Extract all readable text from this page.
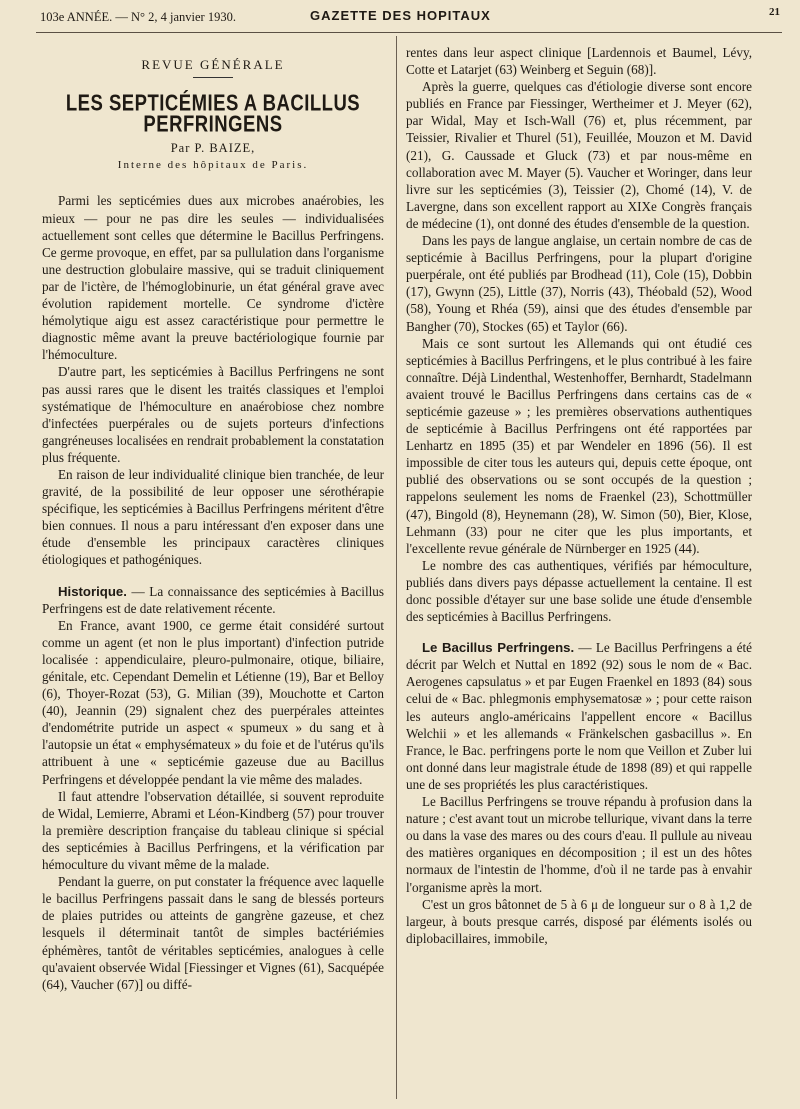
103e ANNÉE. — N° 2, 4 janvier 1930.	GAZETTE DES HOPITAUX	21
REVUE GÉNÉRALE
LES SEPTICÉMIES A BACILLUS PERFRINGENS
Par P. BAIZE,
Interne des hôpitaux de Paris.

Parmi les septicémies dues aux microbes anaérobies, les mieux — pour ne pas dire les seules — individualisées actuellement sont celles que détermine le Bacillus Perfringens. Ce germe provoque, en effet, par sa pullulation dans l'organisme une destruction globulaire massive, qui se traduit cliniquement par de l'ictère, de l'hémoglobinurie, un état général grave avec évolution rapidement mortelle. Ce syndrome d'ictère hémolytique aigu est assez caractéristique pour permettre le diagnostic même avant la preuve bactériologique fournie par l'hémoculture.

D'autre part, les septicémies à Bacillus Perfringens ne sont pas aussi rares que le disent les traités classiques et l'emploi systématique de l'hémoculture en anaérobiose chez nombre d'infectées puerpérales ou de sujets porteurs d'infections gangréneuses localisées en rendrait probablement la constatation plus fréquente.

En raison de leur individualité clinique bien tranchée, de leur gravité, de la possibilité de leur opposer une sérothérapie spécifique, les septicémies à Bacillus Perfringens méritent d'être bien connues. Il nous a paru intéressant d'en exposer dans une étude d'ensemble les principaux caractères cliniques étiologiques et pathogéniques.

Historique. — La connaissance des septicémies à Bacillus Perfringens est de date relativement récente.

En France, avant 1900, ce germe était considéré surtout comme un agent (et non le plus important) d'infection putride localisée : appendiculaire, pleuro-pulmonaire, otique, biliaire, génitale, etc. Cependant Demelin et Létienne (19), Bar et Belloy (6), Thoyer-Rozat (53), G. Milian (39), Mouchotte et Carton (40), Jeannin (29) signalent chez des puerpérales atteintes d'endométrite putride un aspect « spumeux » du sang et à l'autopsie un état « emphysémateux » du foie et de l'utérus qu'ils attribuent à une « septicémie gazeuse due au Bacillus Perfringens et développée pendant la vie même des malades.

Il faut attendre l'observation détaillée, si souvent reproduite de Widal, Lemierre, Abrami et Léon-Kindberg (57) pour trouver la première description française du tableau clinique si spécial des septicémies à Bacillus Perfringens, et la vérification par hémoculture du vivant même de la malade.

Pendant la guerre, on put constater la fréquence avec laquelle le bacillus Perfringens passait dans le sang de blessés porteurs de plaies putrides ou atteints de gangrène gazeuse, et chez lesquels il déterminait tantôt de simples bactériémies éphémères, tantôt de véritables septicémies, analogues à celle qu'avaient observée Widal [Fiessinger et Vignes (61), Sacquépée (64), Vaucher (67)] ou diffé-

rentes dans leur aspect clinique [Lardennois et Baumel, Lévy, Cotte et Latarjet (63) Weinberg et Seguin (68)].

Après la guerre, quelques cas d'étiologie diverse sont encore publiés en France par Fiessinger, Wertheimer et J. Meyer (62), par Widal, May et Isch-Wall (76) et, plus récemment, par Teissier, Rivalier et Thurel (51), Feuillée, Mouzon et M. David (21), G. Caussade et Gluck (73) et par nous-même en collaboration avec M. Mayer (5). Vaucher et Woringer, dans leur livre sur les septicémies (3), Teissier (2), Chomé (14), V. de Lavergne, dans son excellent rapport au XIXe Congrès français de médecine (1), ont donné des études d'ensemble de la question.

Dans les pays de langue anglaise, un certain nombre de cas de septicémie à Bacillus Perfringens, pour la plupart d'origine puerpérale, ont été publiés par Brodhead (11), Cole (15), Dobbin (17), Gwynn (25), Little (37), Norris (43), Théobald (52), Wood (58), Young et Rhéa (59), ainsi que des études d'ensemble par Bangher (70), Stockes (65) et Taylor (66).

Mais ce sont surtout les Allemands qui ont étudié ces septicémies à Bacillus Perfringens, et le plus contribué à les faire connaître. Déjà Lindenthal, Westenhoffer, Bernhardt, Stadelmann avaient trouvé le Bacillus Perfringens dans certains cas de « septicémie gazeuse » ; les premières observations authentiques de septicémie à Bacillus Perfringens ont été rapportées par Lenhartz en 1895 (35) et par Wendeler en 1896 (56). Il est impossible de citer tous les auteurs qui, depuis cette époque, ont publié des observations ou se sont occupés de la question ; rappelons seulement les noms de Fraenkel (23), Schottmüller (47), Bingold (8), Heynemann (28), W. Simon (50), Bier, Klose, Lehmann (33) pour ne citer que les plus importants, et l'excellente revue générale de Nürnberger en 1925 (44).

Le nombre des cas authentiques, vérifiés par hémoculture, publiés dans divers pays dépasse actuellement la centaine. Il est donc possible d'étayer sur une base solide une étude d'ensemble des septicémies à Bacillus Perfringens.

Le Bacillus Perfringens. — Le Bacillus Perfringens a été décrit par Welch et Nuttal en 1892 (92) sous le nom de « Bac. Aerogenes capsulatus » et par Eugen Fraenkel en 1893 (84) sous celui de « Bac. phlegmonis emphysematosæ » ; pour cette raison les auteurs anglo-américains l'appellent encore « Bacillus Welchii » et les allemands « Fränkelschen gasbacillus ». En France, le Bac. perfringens porte le nom que Veillon et Zuber lui ont donné dans leur magistrale étude de 1898 (89) et qui rappelle une de ses propriétés les plus caractéristiques.

Le Bacillus Perfringens se trouve répandu à profusion dans la nature ; c'est avant tout un microbe tellurique, vivant dans la terre ou dans la vase des mares ou des cours d'eau. Il pullule au niveau des matières organiques en décomposition ; il est un des hôtes normaux de l'intestin de l'homme, d'où il ne tarde pas à envahir l'organisme après la mort.

C'est un gros bâtonnet de 5 à 6 μ de longueur sur o 8 à 1,2 de largeur, à bouts presque carrés, disposé par éléments isolés ou diplobacillaires, immobile,
